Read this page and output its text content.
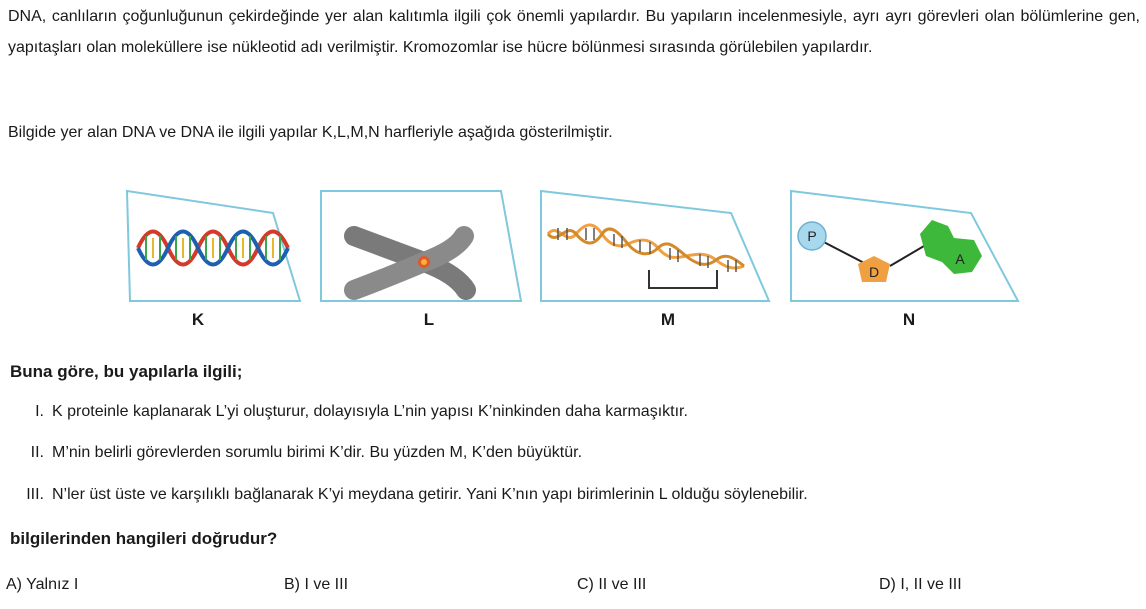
DNA, canlıların çoğunluğunun çekirdeğinde yer alan kalıtımla ilgili çok önemli yapılardır. Bu yapıların incelenmesiyle, ayrı ayrı görevleri olan bölümlerine gen, yapıtaşları olan moleküllere ise nükleotid adı verilmiştir. Kromozomlar ise hücre bölünmesi sırasında görülebilen yapılardır.
Bilgide yer alan DNA ve DNA ile ilgili yapılar K,L,M,N harfleriyle aşağıda gösterilmiştir.
P
D
A
K	L	M	N
Buna göre, bu yapılarla ilgili;
I. K proteinle kaplanarak L’yi oluşturur, dolayısıyla L’nin yapısı K’ninkinden daha karmaşıktır.
II. M’nin belirli görevlerden sorumlu birimi K’dir. Bu yüzden M, K’den büyüktür.
III. N’ler üst üste ve karşılıklı bağlanarak K’yi meydana getirir. Yani K’nın yapı birimlerinin L olduğu söylenebilir.
bilgilerinden hangileri doğrudur?
A) Yalnız I	B) I ve III	C) II ve III	D) I, II ve III
